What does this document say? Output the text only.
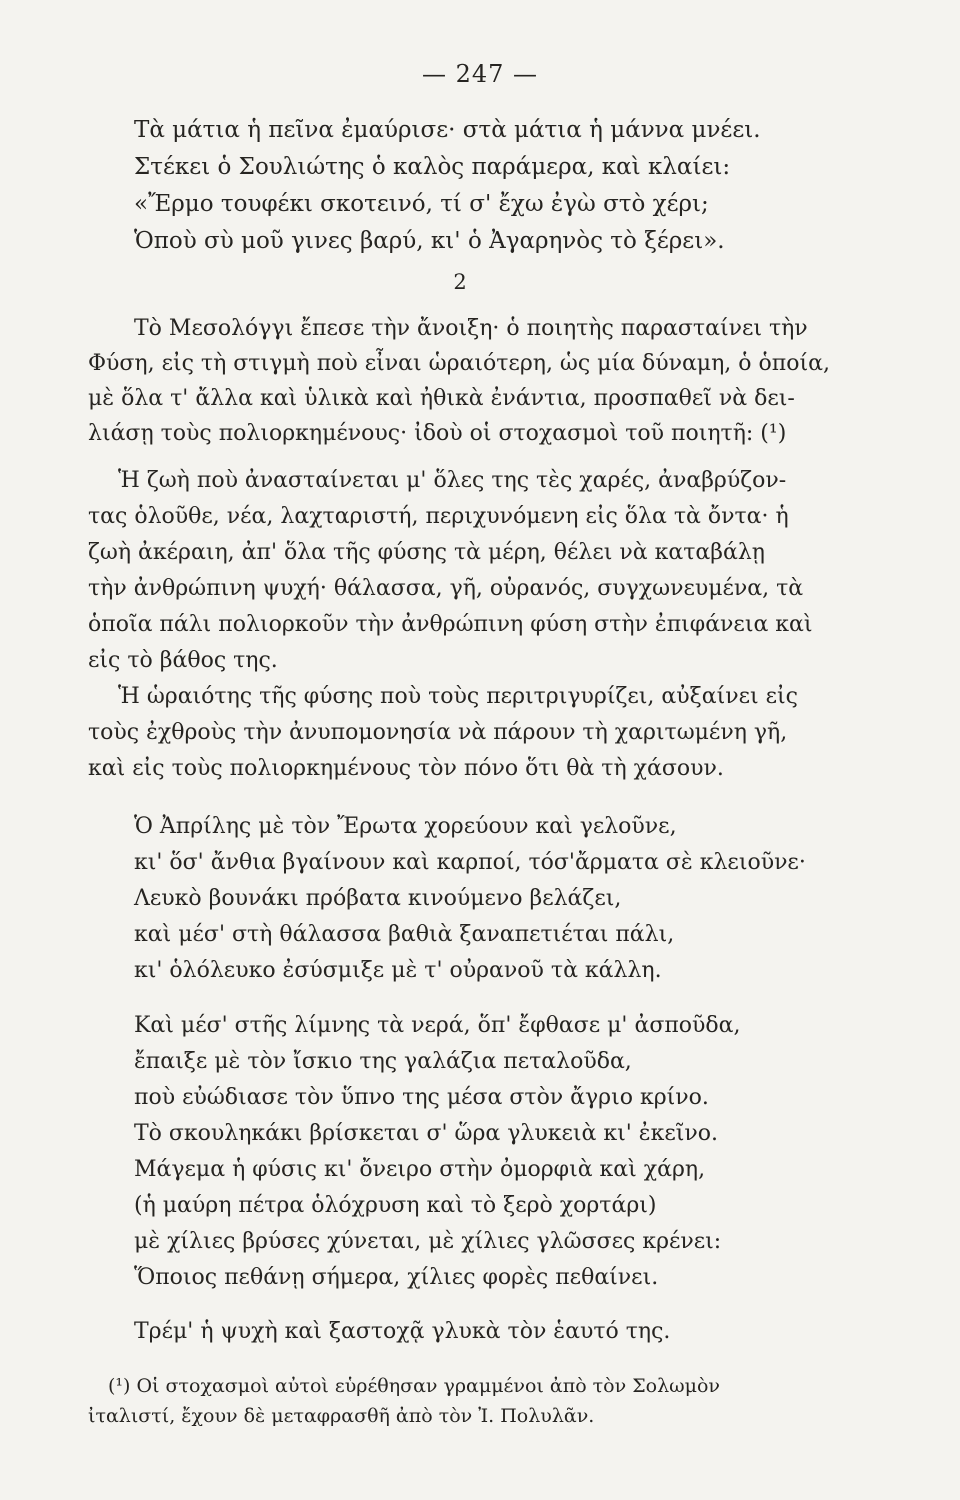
— 247 —
Τὰ μάτια ἡ πεῖνα ἐμαύρισε· στὰ μάτια ἡ μάννα μνέει.
Στέκει ὁ Σουλιώτης ὁ καλὸς παράμερα, καὶ κλαίει:
«Ἔρμο τουφέκι σκοτεινό, τί σ' ἔχω ἐγὼ στὸ χέρι;
Ὁποὺ σὺ μοῦ γινες βαρύ, κι' ὁ Ἀγαρηνὸς τὸ ξέρει».
2
Τὸ Μεσολόγγι ἔπεσε τὴν ἄνοιξη· ὁ ποιητὴς παρασταίνει τὴν
Φύση, εἰς τὴ στιγμὴ ποὺ εἶναι ὡραιότερη, ὡς μία δύναμη, ὁ ὁποία,
μὲ ὅλα τ' ἄλλα καὶ ὑλικὰ καὶ ἠθικὰ ἐνάντια, προσπαθεῖ νὰ δει-
λιάσῃ τοὺς πολιορκημένους· ἰδοὺ οἱ στοχασμοὶ τοῦ ποιητῆ: (¹)
Ἡ ζωὴ ποὺ ἀνασταίνεται μ' ὅλες της τὲς χαρές, ἀναβρύζον-
τας ὁλοῦθε, νέα, λαχταριστή, περιχυνόμενη εἰς ὅλα τὰ ὄντα· ἡ
ζωὴ ἀκέραιη, ἀπ' ὅλα τῆς φύσης τὰ μέρη, θέλει νὰ καταβάλῃ
τὴν ἀνθρώπινη ψυχή· θάλασσα, γῆ, οὐρανός, συγχωνευμένα, τὰ
ὁποῖα πάλι πολιορκοῦν τὴν ἀνθρώπινη φύση στὴν ἐπιφάνεια καὶ
εἰς τὸ βάθος της.
Ἡ ὡραιότης τῆς φύσης ποὺ τοὺς περιτριγυρίζει, αὐξαίνει εἰς
τοὺς ἐχθροὺς τὴν ἀνυπομονησία νὰ πάρουν τὴ χαριτωμένη γῆ,
καὶ εἰς τοὺς πολιορκημένους τὸν πόνο ὅτι θὰ τὴ χάσουν.
Ὁ Ἀπρίλης μὲ τὸν Ἔρωτα χορεύουν καὶ γελοῦνε,
κι' ὅσ' ἄνθια βγαίνουν καὶ καρποί, τόσ'ἄρματα σὲ κλειοῦνε·
Λευκὸ βουνάκι πρόβατα κινούμενο βελάζει,
καὶ μέσ' στὴ θάλασσα βαθιὰ ξαναπετιέται πάλι,
κι' ὁλόλευκο ἐσύσμιξε μὲ τ' οὐρανοῦ τὰ κάλλη.
Καὶ μέσ' στῆς λίμνης τὰ νερά, ὅπ' ἔφθασε μ' ἀσποῦδα,
ἔπαιξε μὲ τὸν ἴσκιο της γαλάζια πεταλοῦδα,
ποὺ εὐώδιασε τὸν ὕπνο της μέσα στὸν ἄγριο κρίνο.
Τὸ σκουληκάκι βρίσκεται σ' ὥρα γλυκειὰ κι' ἐκεῖνο.
Μάγεμα ἡ φύσις κι' ὄνειρο στὴν ὀμορφιὰ καὶ χάρη,
(ἡ μαύρη πέτρα ὁλόχρυση καὶ τὸ ξερὸ χορτάρι)
μὲ χίλιες βρύσες χύνεται, μὲ χίλιες γλῶσσες κρένει:
Ὅποιος πεθάνῃ σήμερα, χίλιες φορὲς πεθαίνει.
Τρέμ' ἡ ψυχὴ καὶ ξαστοχᾷ γλυκὰ τὸν ἑαυτό της.
(¹) Οἱ στοχασμοὶ αὐτοὶ εὑρέθησαν γραμμένοι ἀπὸ τὸν Σολωμὸν
ἰταλιστί, ἔχουν δὲ μεταφρασθῆ ἀπὸ τὸν Ἰ. Πολυλᾶν.
